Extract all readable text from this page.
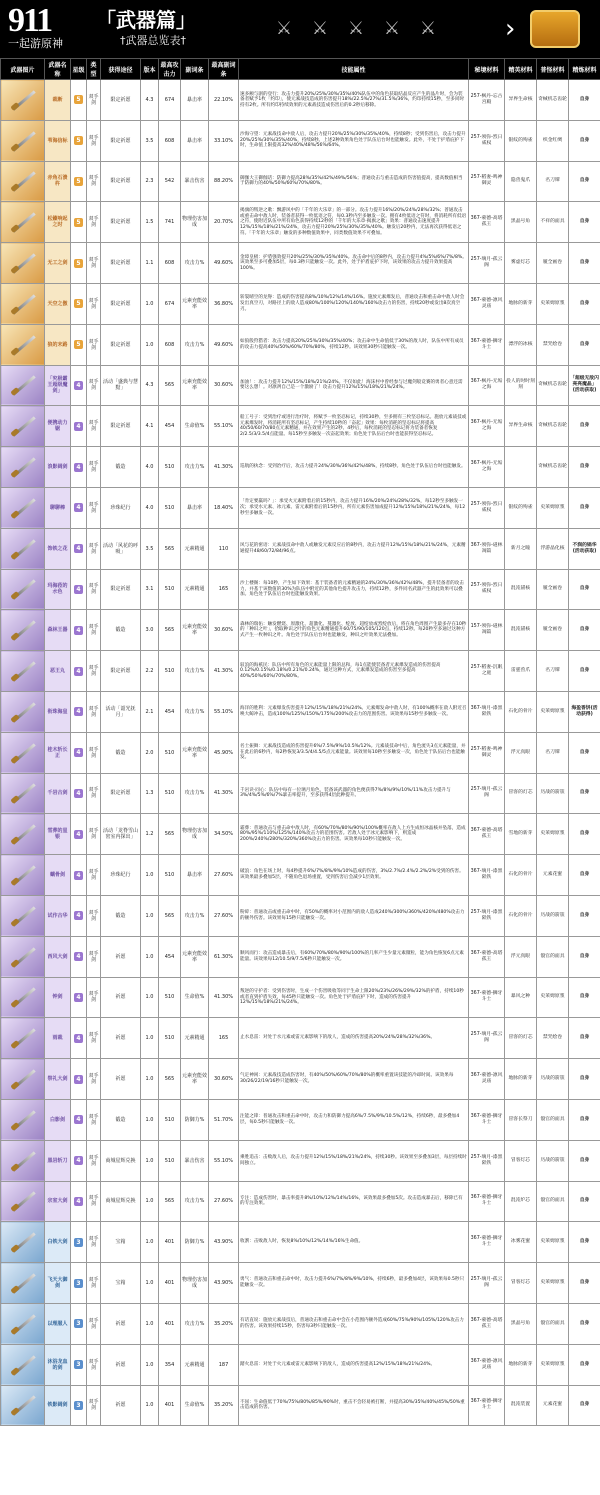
911
一起游原神
「武器篇」
†武器总览表†
⚔	⚔	⚔	⚔	⚔	›
武器图片	武器名称	星级	类型	获得途径	版本	最高攻击力	副词条	最高副词条	技能属性	秘境材料	精英材料	普怪材料	精炼材料

	裁断	5	双手剑	限定祈愿	4.3	674	暴击率	22.10%	速多额与剧的登行：攻击力提升20%/25%/30%/35%/40%队伍中的角色获取结晶反应产生的晶片时，会为装备者赋予1枚「约印」，使元素战技造成的伤害提升18%/22.5%/27%/31.5%/36%，约印持续15秒，至多同时持有2枚。所有约印持续效果的元素战技造成伤害后的0.2秒后移除。	257-枫丹-忘古宫殿	异界生命核	奇械机芯齿轮	自身

	苇海信标	5	双手剑	限定祈愿	3.5	608	暴击率	33.10%	沙海守望：元素战技命中敌人后，攻击力提升20%/25%/30%/35%/40%，持续8秒；受到伤害后，攻击力提升20%/25%/30%/35%/40%，持续8秒。上述2种效果角色处于队伍后台时也能触发。此外，不处于护盾庇护下时，生命值上限提高32%/40%/48%/56%/64%。	257-须弥-烈日威权	银纹的殉雀	织金红绸	自身

	赤角石溃杵	5	双手剑	限定祈愿	2.3	542	暴击伤害	88.20%	御伽大王御伽话：防御力提高28%/35%/42%/49%/56%；普通攻击与重击造成的伤害值提高，提高数值相当于防御力的40%/50%/60%/70%/80%。	257-稻妻-鸣神御灵	隐兽鬼爪	名刀镡	自身

	松籁响起之时	5	双手剑	限定祈愿	1.5	741	物理伤害加成	20.70%	揭旗的叛逆之歌：飘游风中的「千年的大乐章」的一部分。攻击力提升16%/20%/24%/28%/32%；普通攻击或重击命中敌人时，装备者获得一枚低语之符，每0.3秒内至多触发一次。拥有4枚低语之符时，将消耗所有低语之符，使附近队伍中所有角色获得持续12秒的「千年的大乐章·揭旗之歌」效果：普通攻击速度提升12%/15%/18%/21%/24%，攻击力提升20%/25%/30%/35%/40%。触发后20秒内，无法再次获得低语之符。「千年的大乐章」触发的多种数值效果中，同类数值效果不可叠加。	367-蒙德-高塔孤王	黑晶号角	不祥的面具	自身

	无工之剑	5	双手剑	限定祈愿	1.1	608	攻击力%	49.60%	金璋皇极：护盾强效提升20%/25%/30%/35%/40%。攻击命中后的8秒内，攻击力提升4%/5%/6%/7%/8%。该效果至多可叠加5层，每0.3秒只能触发一次。此外，处于护盾庇护下时，该效果的攻击力提升效果提高100%。	257-璃月-孤云阁	雾虚灯芯	履全画卷	自身

	天空之傲	5	双手剑	限定祈愿	1.0	674	元素充能效率	36.80%	斩裂晴空的龙脊：造成的伤害提高8%/10%/12%/14%/16%。施放元素爆发后，普通攻击和重击命中敌人时会发出真空刃，对路径上的敌人造成80%/100%/120%/140%/160%攻击力的伤害，持续20秒或发出8次真空刃。	367-蒙德-凛风灵庙	地脉的新芽	史莱姆原浆	自身

	狼的末路	5	双手剑	限定祈愿	1.0	608	攻击力%	49.60%	如狼般狩猎者：攻击力提高20%/25%/30%/35%/40%；攻击命中生命值低于30%的敌人时，队伍中所有成员的攻击力提高40%/50%/60%/70%/80%，持续12秒。该效果30秒只能触发一次。	367-蒙德-狮牙斗士	漂浮的冰核	禁咒绘卷	自身

	「究极霸王超级魔剑」	4	双手剑	活动「盛典与慧黠」	4.3	565	元素充能效率	30.60%	加油！：攻击力提升12%/15%/18%/21%/24%。不仅如此！海沫村中曾经参与过魔剑般竞赛的勇者心意还需要这么想！。对凛冽自己是一个激励了！攻击力提升12%/15%/18%/21%/24%。	367-枫丹-无垢之海	役人的时时刻刻	奇械机芯齿轮	「超级无敌闪亮亮魔晶」(活动获取)

	便携动力锯	4	双手剑	限定祈愿	4.1	454	生命值%	55.10%	船工号子：受到治疗或进行治疗时，将赋予一枚坚忍标记，持续30秒，至多拥有三枚坚忍标记。施放元素战技或元素爆发时，将消耗所有坚忍标记，产生持续10秒的「奋起」效果：每枚消耗的坚忍标记将提高40/50/60/70/80点元素精通，并在效果产生的2秒、4秒后，每枚消耗的坚忍标记将为装备者恢复2/2.5/3/3.5/4点能量。每15秒至多触发一次奋起效果；角色处于队伍后台时也能获得坚忍标记。	367-枫丹-无垢之海	异界生命核	奇械机芯齿轮	自身

	浪影阔剑	4	双手剑	锻造	4.0	510	攻击力%	41.30%	巡航的执念：受到治疗后，攻击力提升24%/30%/36%/42%/48%，持续8秒。角色处于队伍后台时也能触发。	367-枫丹-无垢之海		奇械机芯齿轮	自身

	聊聊棒	4	双手剑	珍珠纪行	4.0	510	暴击率	18.40%	「肯定要赢吗？」：承受火元素附着后的15秒内，攻击力提升16%/20%/24%/28%/32%，每12秒至多触发一次；承受水元素、冰元素、雷元素附着后的15秒内，所有元素伤害加成提升12%/15%/18%/21%/24%，每12秒至多触发一次。	257-须弥-烈日威权	银纹的殉雀	史莱姆原浆	自身

	饰铁之花	4	双手剑	活动「风花的呼吸」	3.5	565	元素精通	110	风与花的密语：元素战技命中敌人或触发元素反应后的8秒内，攻击力提升12%/15%/18%/21%/24%，元素精通提升48/60/72/84/96点。	367-须弥-谜林凋篇	新月之瞳	浮游晶化核	不润的锅华(活动获取)

	玛海菈的水色	4	双手剑	限定祈愿	3.1	510	元素精通	165	沙上楼阁：每10秒，产生如下效果：基于装备者的元素精通的24%/30%/36%/42%/48%，提升装备者的攻击力，并基于该数值的30%为队伍中附近的其他角色提升攻击力，持续12秒，多件同名武器产生的此效果可以叠加。角色处于队伍后台时也能触发效果。	257-须弥-烈日威权	混沌锚核	履全画卷	自身

	森林王器	4	双手剑	锻造	3.0	565	元素充能效率	30.60%	森林的瑞佑：触发燃烧、原激化、超激化、蔓激化、绽放、超绽放或烈绽放后，将在角色周围产生最多存在10秒的「种识之叶」，拾取种识之叶的角色元素精通提升60/75/90/105/120点，持续12秒。每20秒至多通过这种方式产生一枚种识之叶。角色处于队伍后台时也能触发，种识之叶效果无法叠加。	157-须弥-谜林凋篇	混沌锚核	履全画卷	自身

	恶王丸	4	双手剑	限定祈愿	2.2	510	攻击力%	41.30%	驭浪的海祇民：队伍中所有角色的元素能量上限的总和，每1点能使装备者元素爆发造成的伤害提高0.12%/0.15%/0.18%/0.21%/0.24%，通过这种方式，元素爆发造成的伤害至多提高40%/50%/60%/70%/80%。	257-稻妻-沉眠之庭	雷霆兽爪	名刀镡	自身

	衔珠海皇	4	双手剑	活动「韶光抚月」	2.1	454	攻击力%	55.10%	海洋的胜利：元素爆发伤害提升12%/15%/18%/21%/24%。元素爆发命中敌人时，有100%概率在敌人附近召唤大鲸冲击，造成100%/125%/150%/175%/200%攻击力的范围伤害。该效果每15秒至多触发一次。	367-璃月-漆黑陨铁	石化的骨片	史莱姆原浆	海盈香饼(活动获得)

	桂木斩长正	4	双手剑	锻造	2.0	510	元素充能效率	45.90%	名士振舞：元素战技造成的伤害提升6%/7.5%/9%/10.5%/12%。元素战技命中后，角色流失3点元素能量，并在此后的6秒内，每2秒恢复3/3.5/4/4.5/5点元素能量。该效果每10秒至多触发一次，角色处于队伍后台也能触发。	257-稻妻-鸣神御灵	浮元真眼	名刀镡	自身

	千岩古剑	4	双手剑	限定祈愿	1.3	510	攻击力%	41.30%	千岩诀·同心：队伍中每有一位璃月角色，装备该武器的角色便获得7%/8%/9%/10%/11%攻击力提升与3%/4%/5%/6%/7%暴击率提升，至多获得4层此种提升。	257-璃月-孤云阁	冒客的灯芯	历战的箭簇	自身

	雪葬的星银	4	双手剑	活动「龙脊雪山密室内探出」	1.2	565	物理伤害加成	34.50%	霜葬：普通攻击与重击命中敌人时，有60%/70%/80%/90%/100%概率在敌人上方生成恒冰晶核并坠落，造成80%/95%/110%/125%/140%攻击力的范围伤害。若敌人处于冰元素影响下，则造成200%/240%/280%/320%/360%攻击力的伤害。该效果每10秒只能触发一次。	367-蒙德-高塔孤王	雪地的新芽	史莱姆原浆	自身

	螭骨剑	4	双手剑	珍珠纪行	1.0	510	暴击率	27.60%	破浪：角色在场上时，每4秒提升6%/7%/8%/9%/10%造成的伤害，3%/2.7%/2.4%/2.2%/2%受到的伤害。该效果最多叠加5层，不随角色退场重置，受到伤害后会减少1层效果。	367-璃月-漆黑陨铁	石化的骨片	元素花蜜	自身

	试作古华	4	双手剑	锻造	1.0	565	攻击力%	27.60%	粉碎：普通攻击或重击命中时，有50%的概率对小范围内的敌人造成240%/300%/360%/420%/480%攻击力的额外伤害。该效果每15秒只能触发一次。	257-璃月-漆黑陨铁	石化的骨片	历战的箭簇	自身

	西风大剑	4	双手剑	祈愿	1.0	454	元素充能效率	61.30%	顺风而行：攻击造成暴击后，有60%/70%/80%/90%/100%的几率产生少量元素微粒，能为角色恢复6点元素能量。该效果每12/10.5/9/7.5/6秒只能触发一次。	367-蒙德-高塔孤王	浮元真眼	骰官的面具	自身

	钟剑	4	双手剑	祈愿	1.0	510	生命值%	41.30%	叛逆的守护者：受到伤害时，生成一个伤害吸收等同于生命上限20%/23%/26%/29%/32%的护盾，持续10秒或者直到护盾失效，每45秒只能触发一次。角色处于护盾庇护下时，造成的伤害提升12%/15%/18%/21%/24%。	367-蒙德-狮牙斗士	暴风之种	史莱姆原浆	自身

	雨裁	4	双手剑	祈愿	1.0	510	元素精通	165	止水息雷：对处于水元素或雷元素影响下的敌人，造成的伤害提高20%/24%/28%/32%/36%。	257-璃月-孤云阁	冒客的灯芯	禁咒绘卷	自身

	祭礼大剑	4	双手剑	祈愿	1.0	565	元素充能效率	30.60%	气定神闲：元素战技造成伤害时，有40%/50%/60%/70%/80%的概率重置该技能的冷却时间。该效果每30/26/22/19/16秒只能触发一次。	367-蒙德-凛风灵庙	地脉的新芽	历战的箭簇	自身

	白影剑	4	双手剑	锻造	1.0	510	防御力%	51.70%	注能之锋：普通攻击和重击命中时，攻击力和防御力提高6%/7.5%/9%/10.5%/12%，持续6秒，最多叠加4层，每0.5秒只能触发一次。	367-蒙德-狮牙斗士	冒客长祭刀	骰官的面具	自身

	黑岩斩刀	4	双手剑	商城星辉兑换	1.0	510	暴击伤害	55.10%	乘胜追击：击败敌人后，攻击力提升12%/15%/18%/21%/24%，持续30秒。该效果至多叠加3层，每层持续时间独立。	257-璃月-漆黑陨铁	冒客灯芯	历战的箭簇	自身

	宗室大剑	4	双手剑	商城星辉兑换	1.0	565	攻击力%	27.60%	专注：造成伤害时，暴击率提升8%/10%/12%/14%/16%，该效果最多叠加5次。攻击造成暴击后，移除已有的专注效果。	367-蒙德-狮牙斗士	混沌炉芯	骰官的面具	自身

	白铁大剑	3	双手剑	宝箱	1.0	401	防御力%	43.90%	收割：击败敌人时，恢复8%/10%/12%/14%/16%生命值。	367-蒙德-狮牙斗士	冰雾花蜜	史莱姆原浆	自身

	飞天大御剑	3	双手剑	宝箱	1.0	401	物理伤害加成	43.90%	勇气：普通攻击和重击命中时，攻击力提升6%/7%/8%/9%/10%，持续6秒，最多叠加4层，该效果每0.5秒只能触发一次。	257-璃月-孤云阁	冒客灯芯	史莱姆原浆	自身

	以理服人	3	双手剑	祈愿	1.0	401	攻击力%	35.20%	有话直说：施放元素战技后，普通攻击和重击命中会在小范围内额外造成60%/75%/90%/105%/120%攻击力的伤害。该效果持续15秒，伤害每3秒只能触发一次。	367-蒙德-高塔孤王	黑晶号角	骰官的面具	自身

	沐浴龙血的剑	3	双手剑	祈愿	1.0	354	元素精通	187	踏火息雷：对处于火元素或雷元素影响下的敌人，造成的伤害提高12%/15%/18%/21%/24%。	367-蒙德-凛风灵庙	地脉的新芽	史莱姆原浆	自身

	铁影阔剑	3	双手剑	祈愿	1.0	401	生命值%	35.20%	不屈：生命值低于70%/75%/80%/85%/90%时，重击不会轻易被打断，并提高30%/35%/40%/45%/50%重击造成的伤害。	367-蒙德-狮牙斗士	混沌装置	元素花蜜	自身
